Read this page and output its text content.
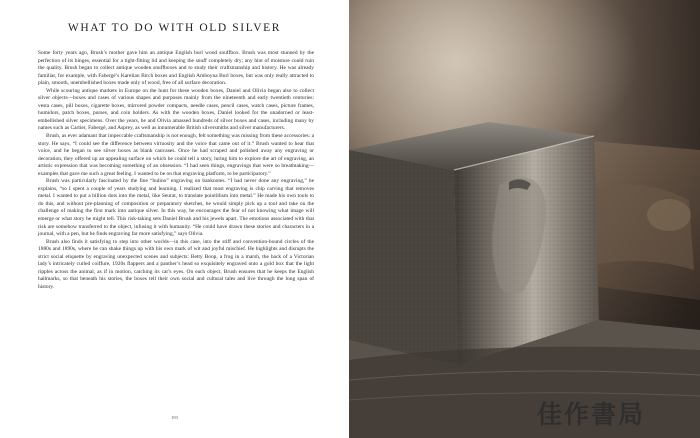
WHAT TO DO WITH OLD SILVER

Some forty years ago, Brush’s mother gave him an antique English burl wood snuffbox. Brush was most stunned by the perfection of its hinges, essential for a tight-fitting lid and keeping the snuff completely dry; any hint of moisture could ruin the quality. Brush began to collect antique wooden snuffboxes and to study their craftsmanship and history. He was already familiar, for example, with Fabergé’s Karelian Birch boxes and English Amboyna Burl boxes, but was only really attracted to plain, smooth, unembellished boxes made only of wood, free of all surface decoration.

While scouring antique markets in Europe on the hunt for these wooden boxes, Daniel and Olivia began also to collect silver objects—boxes and cases of various shapes and purposes mainly from the nineteenth and early twentieth centuries: vesta cases, pill boxes, cigarette boxes, mirrored powder compacts, needle cases, pencil cases, watch cases, picture frames, humidors, patch boxes, purses, and coin holders. As with the wooden boxes, Daniel looked for the unadorned or least-embellished silver specimens. Over the years, he and Olivia amassed hundreds of silver boxes and cases, including many by names such as Cartier, Fabergé, and Asprey, as well as innumerable British silversmiths and silver manufacturers.

Brush, as ever adamant that impeccable craftsmanship is not enough, felt something was missing from these accessories: a story. He says, “I could see the difference between virtuosity and the voice that came out of it.” Brush wanted to hear that voice, and he began to see silver boxes as blank canvases. Once he had scraped and polished away any engraving or decoration, they offered up an appealing surface on which he could tell a story, luring him to explore the art of engraving, an artistic expression that was becoming something of an obsession. “I had seen things, engravings that were so breathtaking—examples that gave me such a great feeling. I wanted to be on that engraving platform, to be participatory.”

Brush was particularly fascinated by the fine “bulino” engraving on banknotes. “I had never done any engraving,” he explains, “so I spent a couple of years studying and learning. I realized that most engraving is chip carving that removes metal. I wanted to put a billion dots into the metal, like Seurat, to translate pointillism into metal.” He made his own tools to do this, and without pre-planning of composition or preparatory sketches, he would simply pick up a tool and take on the challenge of making the first mark into antique silver. In this way, he encourages the fear of not knowing what image will emerge or what story he might tell. This risk-taking sets Daniel Brush and his jewels apart. The emotions associated with that risk are somehow transferred to the object, infusing it with humanity. “He could have drawn these stories and characters in a journal, with a pen, but he finds engraving far more satisfying,” says Olivia.

Brush also finds it satisfying to step into other worlds—in this case, into the stiff and convention-bound circles of the 1880s and 1890s, where he can shake things up with his own mark of wit and joyful mischief. He highlights and disrupts the strict social etiquette by engraving unexpected scenes and subjects: Betty Boop, a frog in a marsh, the back of a Victorian lady’s intricately curled coiffure, 1920s flappers and a panther’s head so exquisitely engraved onto a gold box that the light ripples across the animal, as if in motion, catching its cat’s eyes. On each object, Brush ensures that he keeps the English hallmarks, so that beneath his stories, the boxes tell their own social and cultural tales and live through the long span of history.

193	佳作書局
